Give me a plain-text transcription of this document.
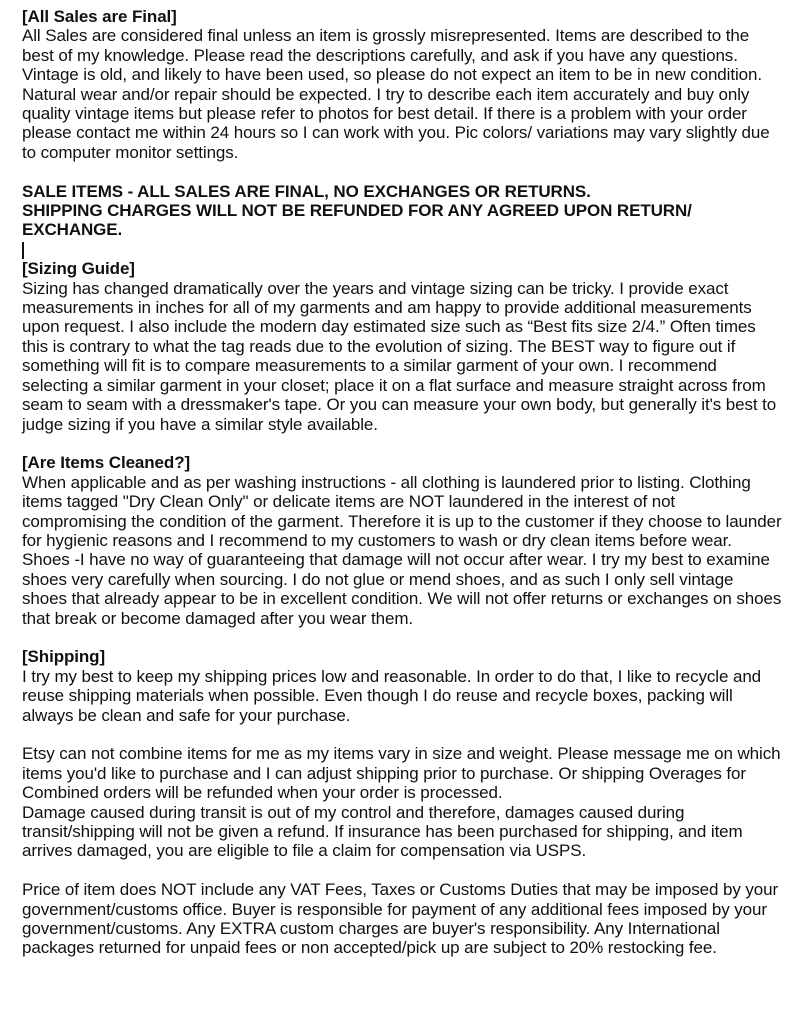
[All Sales are Final]

All Sales are considered final unless an item is grossly misrepresented. Items are described to the best of my knowledge. Please read the descriptions carefully, and ask if you have any questions. Vintage is old, and likely to have been used, so please do not expect an item to be in new condition. Natural wear and/or repair should be expected. I try to describe each item accurately and buy only quality vintage items but please refer to photos for best detail. If there is a problem with your order please contact me within 24 hours so I can work with you. Pic colors/ variations may vary slightly due to computer monitor settings.

SALE ITEMS - ALL SALES ARE FINAL, NO EXCHANGES OR RETURNS.

SHIPPING CHARGES WILL NOT BE REFUNDED FOR ANY AGREED UPON RETURN/ EXCHANGE.

[Sizing Guide]

Sizing has changed dramatically over the years and vintage sizing can be tricky. I provide exact measurements in inches for all of my garments and am happy to provide additional measurements upon request. I also include the modern day estimated size such as “Best fits size 2/4.” Often times this is contrary to what the tag reads due to the evolution of sizing. The BEST way to figure out if something will fit is to compare measurements to a similar garment of your own. I recommend selecting a similar garment in your closet; place it on a flat surface and measure straight across from seam to seam with a dressmaker's tape. Or you can measure your own body, but generally it's best to judge sizing if you have a similar style available.

[Are Items Cleaned?]

When applicable and as per washing instructions - all clothing is laundered prior to listing. Clothing items tagged "Dry Clean Only" or delicate items are NOT laundered in the interest of not compromising the condition of the garment. Therefore it is up to the customer if they choose to launder for hygienic reasons and I recommend to my customers to wash or dry clean items before wear.

Shoes -I have no way of guaranteeing that damage will not occur after wear. I try my best to examine shoes very carefully when sourcing. I do not glue or mend shoes, and as such I only sell vintage shoes that already appear to be in excellent condition. We will not offer returns or exchanges on shoes that break or become damaged after you wear them.

[Shipping]

I try my best to keep my shipping prices low and reasonable. In order to do that, I like to recycle and reuse shipping materials when possible. Even though I do reuse and recycle boxes, packing will always be clean and safe for your purchase.

Etsy can not combine items for me as my items vary in size and weight. Please message me on which items you'd like to purchase and I can adjust shipping prior to purchase. Or shipping Overages for Combined orders will be refunded when your order is processed.

Damage caused during transit is out of my control and therefore, damages caused during transit/shipping will not be given a refund. If insurance has been purchased for shipping, and item arrives damaged, you are eligible to file a claim for compensation via USPS.

Price of item does NOT include any VAT Fees, Taxes or Customs Duties that may be imposed by your government/customs office. Buyer is responsible for payment of any additional fees imposed by your government/customs. Any EXTRA custom charges are buyer's responsibility. Any International packages returned for unpaid fees or non accepted/pick up are subject to 20% restocking fee.
